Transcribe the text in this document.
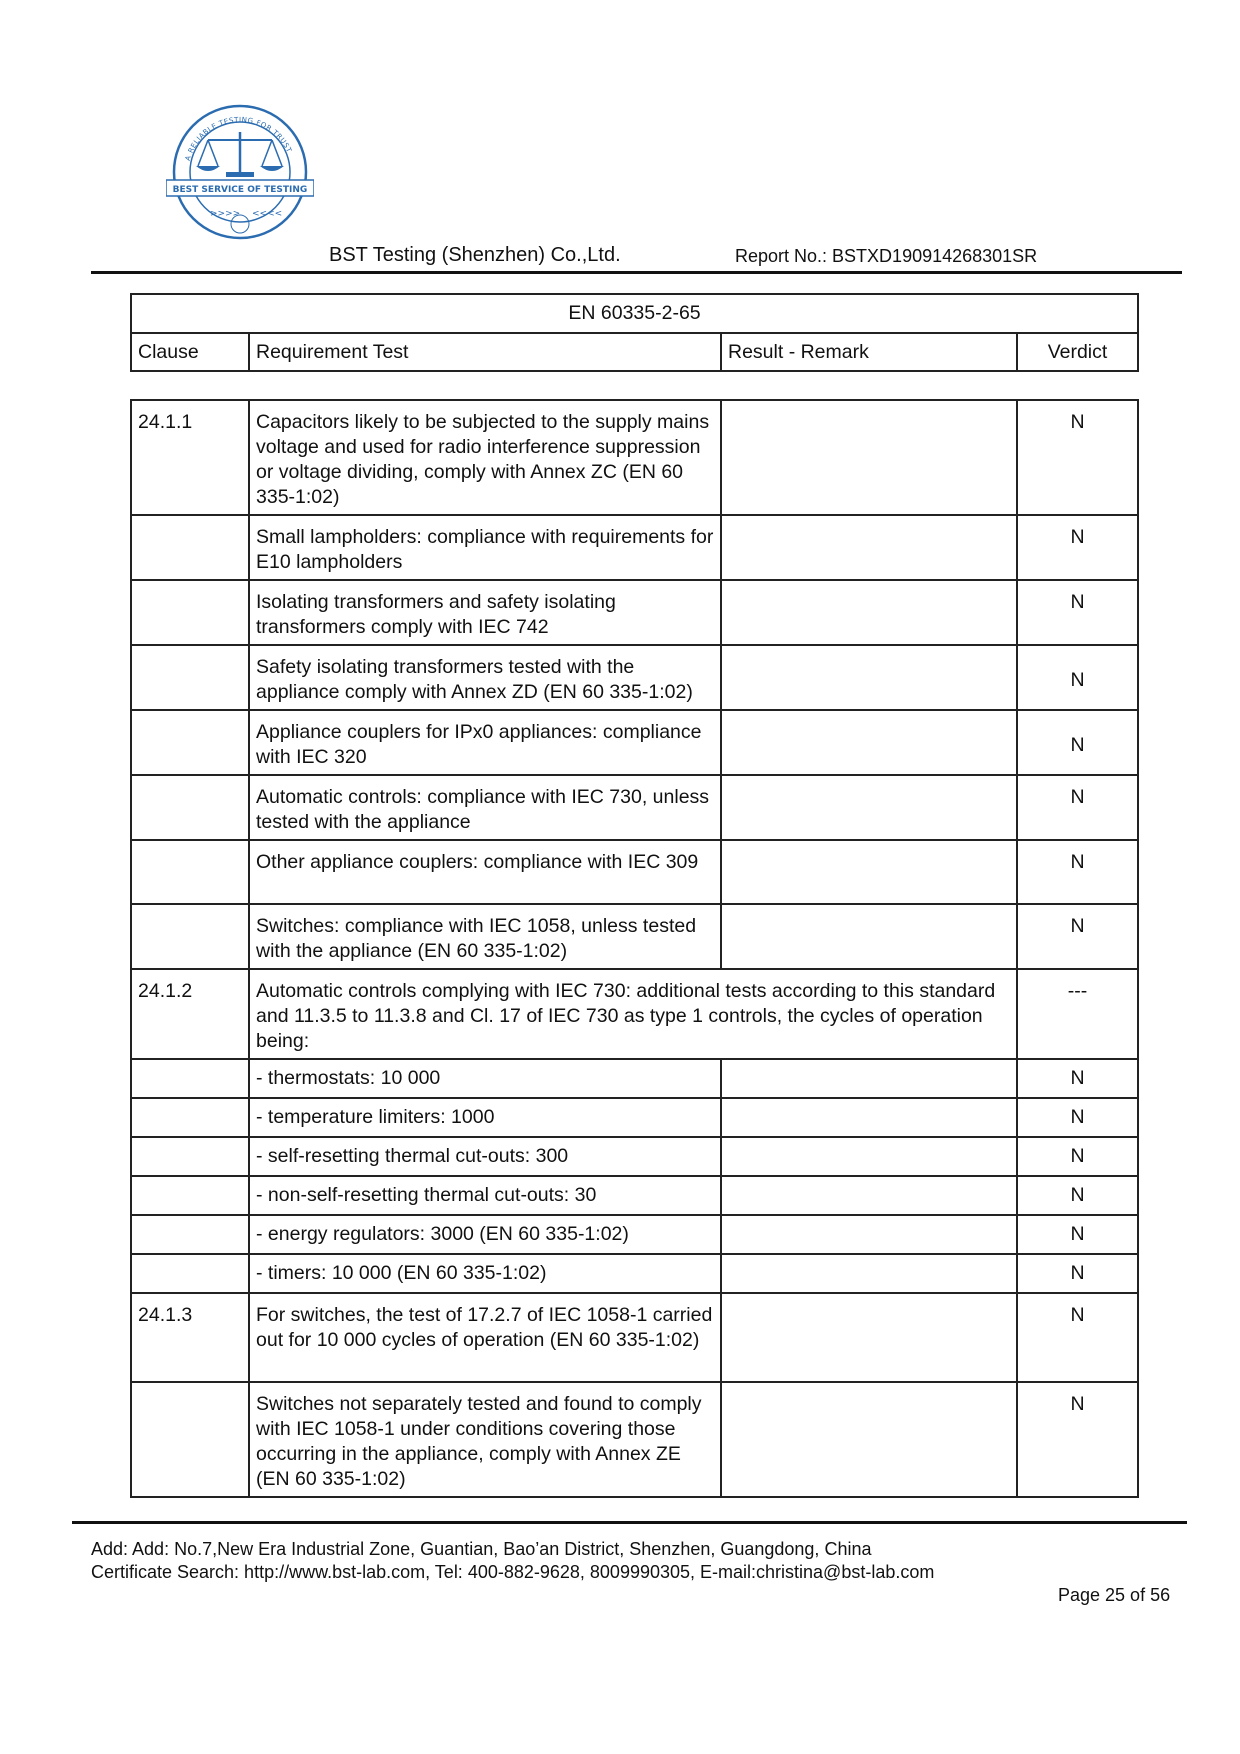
A RELIABLE TESTING FOR TRUST
BEST SERVICE OF TESTING
>>>> <<<<
BST Testing (Shenzhen) Co.,Ltd.	Report No.: BSTXD190914268301SR
EN 60335-2-65
Clause	Requirement Test	Result - Remark	Verdict
24.1.1	Capacitors likely to be subjected to the supply mains voltage and used for radio interference suppression or voltage dividing, comply with Annex ZC (EN 60 335-1:02)		N
	Small lampholders: compliance with requirements for E10 lampholders		N
	Isolating transformers and safety isolating transformers comply with IEC 742		N
	Safety isolating transformers tested with the appliance comply with Annex ZD (EN 60 335-1:02)		N
	Appliance couplers for IPx0 appliances: compliance with IEC 320		N
	Automatic controls: compliance with IEC 730, unless tested with the appliance		N
	Other appliance couplers: compliance with IEC 309		N
	Switches: compliance with IEC 1058, unless tested with the appliance (EN 60 335-1:02)		N
24.1.2	Automatic controls complying with IEC 730: additional tests according to this standard and 11.3.5 to 11.3.8 and Cl. 17 of IEC 730 as type 1 controls, the cycles of operation being:		---
	- thermostats: 10 000		N
	- temperature limiters: 1000		N
	- self-resetting thermal cut-outs: 300		N
	- non-self-resetting thermal cut-outs: 30		N
	- energy regulators: 3000 (EN 60 335-1:02)		N
	- timers: 10 000 (EN 60 335-1:02)		N
24.1.3	For switches, the test of 17.2.7 of IEC 1058-1 carried out for 10 000 cycles of operation (EN 60 335-1:02)		N
	Switches not separately tested and found to comply with IEC 1058-1 under conditions covering those occurring in the appliance, comply with Annex ZE (EN 60 335-1:02)		N
Add: Add: No.7,New Era Industrial Zone, Guantian, Bao’an District, Shenzhen, Guangdong, China
Certificate Search: http://www.bst-lab.com, Tel: 400-882-9628, 8009990305, E-mail:christina@bst-lab.com
Page 25 of 56
